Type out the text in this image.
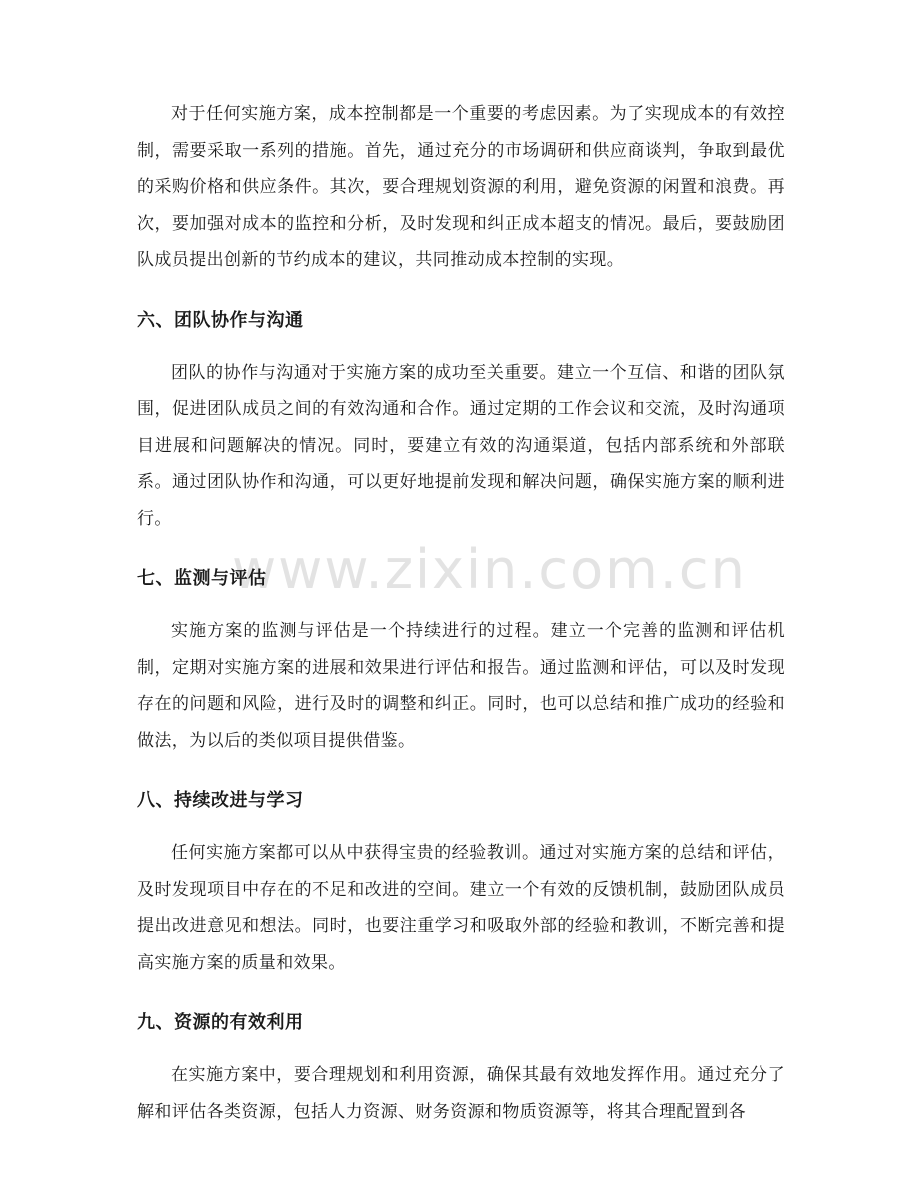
www.zixin.com.cn

对于任何实施方案，成本控制都是一个重要的考虑因素。为了实现成本的有效控制，需要采取一系列的措施。首先，通过充分的市场调研和供应商谈判，争取到最优的采购价格和供应条件。其次，要合理规划资源的利用，避免资源的闲置和浪费。再次，要加强对成本的监控和分析，及时发现和纠正成本超支的情况。最后，要鼓励团队成员提出创新的节约成本的建议，共同推动成本控制的实现。

六、团队协作与沟通

团队的协作与沟通对于实施方案的成功至关重要。建立一个互信、和谐的团队氛围，促进团队成员之间的有效沟通和合作。通过定期的工作会议和交流，及时沟通项目进展和问题解决的情况。同时，要建立有效的沟通渠道，包括内部系统和外部联系。通过团队协作和沟通，可以更好地提前发现和解决问题，确保实施方案的顺利进行。

七、监测与评估

实施方案的监测与评估是一个持续进行的过程。建立一个完善的监测和评估机制，定期对实施方案的进展和效果进行评估和报告。通过监测和评估，可以及时发现存在的问题和风险，进行及时的调整和纠正。同时，也可以总结和推广成功的经验和做法，为以后的类似项目提供借鉴。

八、持续改进与学习

任何实施方案都可以从中获得宝贵的经验教训。通过对实施方案的总结和评估，及时发现项目中存在的不足和改进的空间。建立一个有效的反馈机制，鼓励团队成员提出改进意见和想法。同时，也要注重学习和吸取外部的经验和教训，不断完善和提高实施方案的质量和效果。

九、资源的有效利用

在实施方案中，要合理规划和利用资源，确保其最有效地发挥作用。通过充分了解和评估各类资源，包括人力资源、财务资源和物质资源等，将其合理配置到各
